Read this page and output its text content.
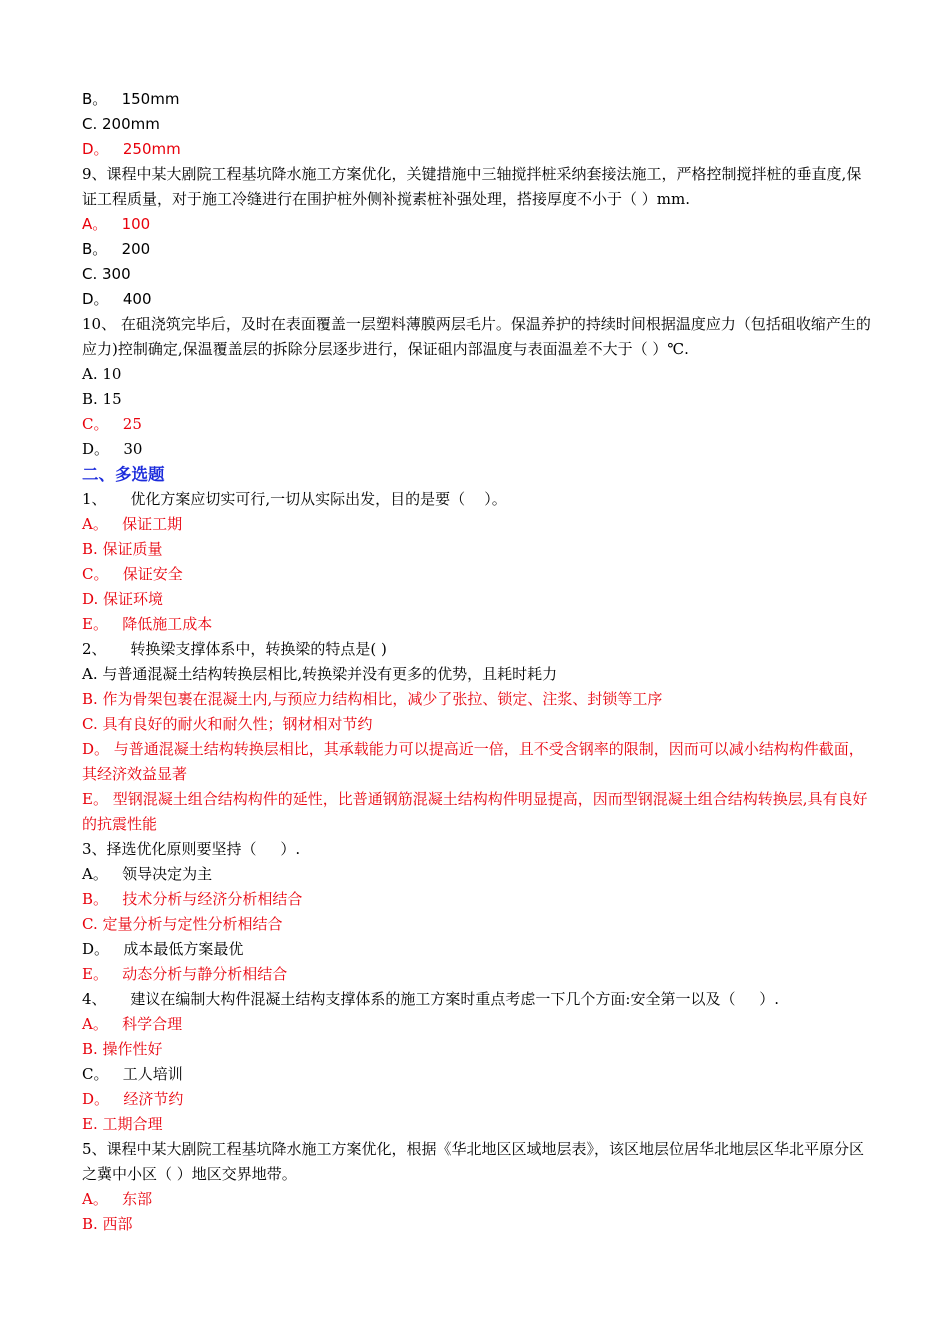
B。   150mm

C. 200mm

D。   250mm

9、课程中某大剧院工程基坑降水施工方案优化，关键措施中三轴搅拌桩采纳套接法施工，严格控制搅拌桩的垂直度,保证工程质量，对于施工冷缝进行在围护桩外侧补搅素桩补强处理，搭接厚度不小于（ ）mm.

A。   100

B。   200

C. 300

D。   400

10、 在砠浇筑完毕后，及时在表面覆盖一层塑料薄膜两层毛片。保温养护的持续时间根据温度应力（包括砠收缩产生的应力)控制确定,保温覆盖层的拆除分层逐步进行，保证砠内部温度与表面温差不大于（ ）℃.

A. 10

B. 15

C。   25

D。   30

二、多选题

1、     优化方案应切实可行,一切从实际出发，目的是要（    ）。

A。   保证工期

B. 保证质量

C。   保证安全

D. 保证环境

E。   降低施工成本

2、     转换梁支撑体系中，转换梁的特点是( )

A. 与普通混凝土结构转换层相比,转换梁并没有更多的优势，且耗时耗力

B. 作为骨架包裹在混凝土内,与预应力结构相比，减少了张拉、锁定、注浆、封锁等工序

C. 具有良好的耐火和耐久性；钢材相对节约

D。 与普通混凝土结构转换层相比，其承载能力可以提高近一倍，且不受含钢率的限制，因而可以减小结构构件截面，其经济效益显著

E。 型钢混凝土组合结构构件的延性，比普通钢筋混凝土结构构件明显提高，因而型钢混凝土组合结构转换层,具有良好的抗震性能

3、择选优化原则要坚持（     ）.

A。   领导决定为主

B。   技术分析与经济分析相结合

C. 定量分析与定性分析相结合

D。   成本最低方案最优

E。   动态分析与静分析相结合

4、     建议在编制大构件混凝土结构支撑体系的施工方案时重点考虑一下几个方面:安全第一以及（     ）.

A。   科学合理

B. 操作性好

C。   工人培训

D。   经济节约

E. 工期合理

5、课程中某大剧院工程基坑降水施工方案优化，根据《华北地区区域地层表》，该区地层位居华北地层区华北平原分区之冀中小区（ ）地区交界地带。

A。   东部

B. 西部
